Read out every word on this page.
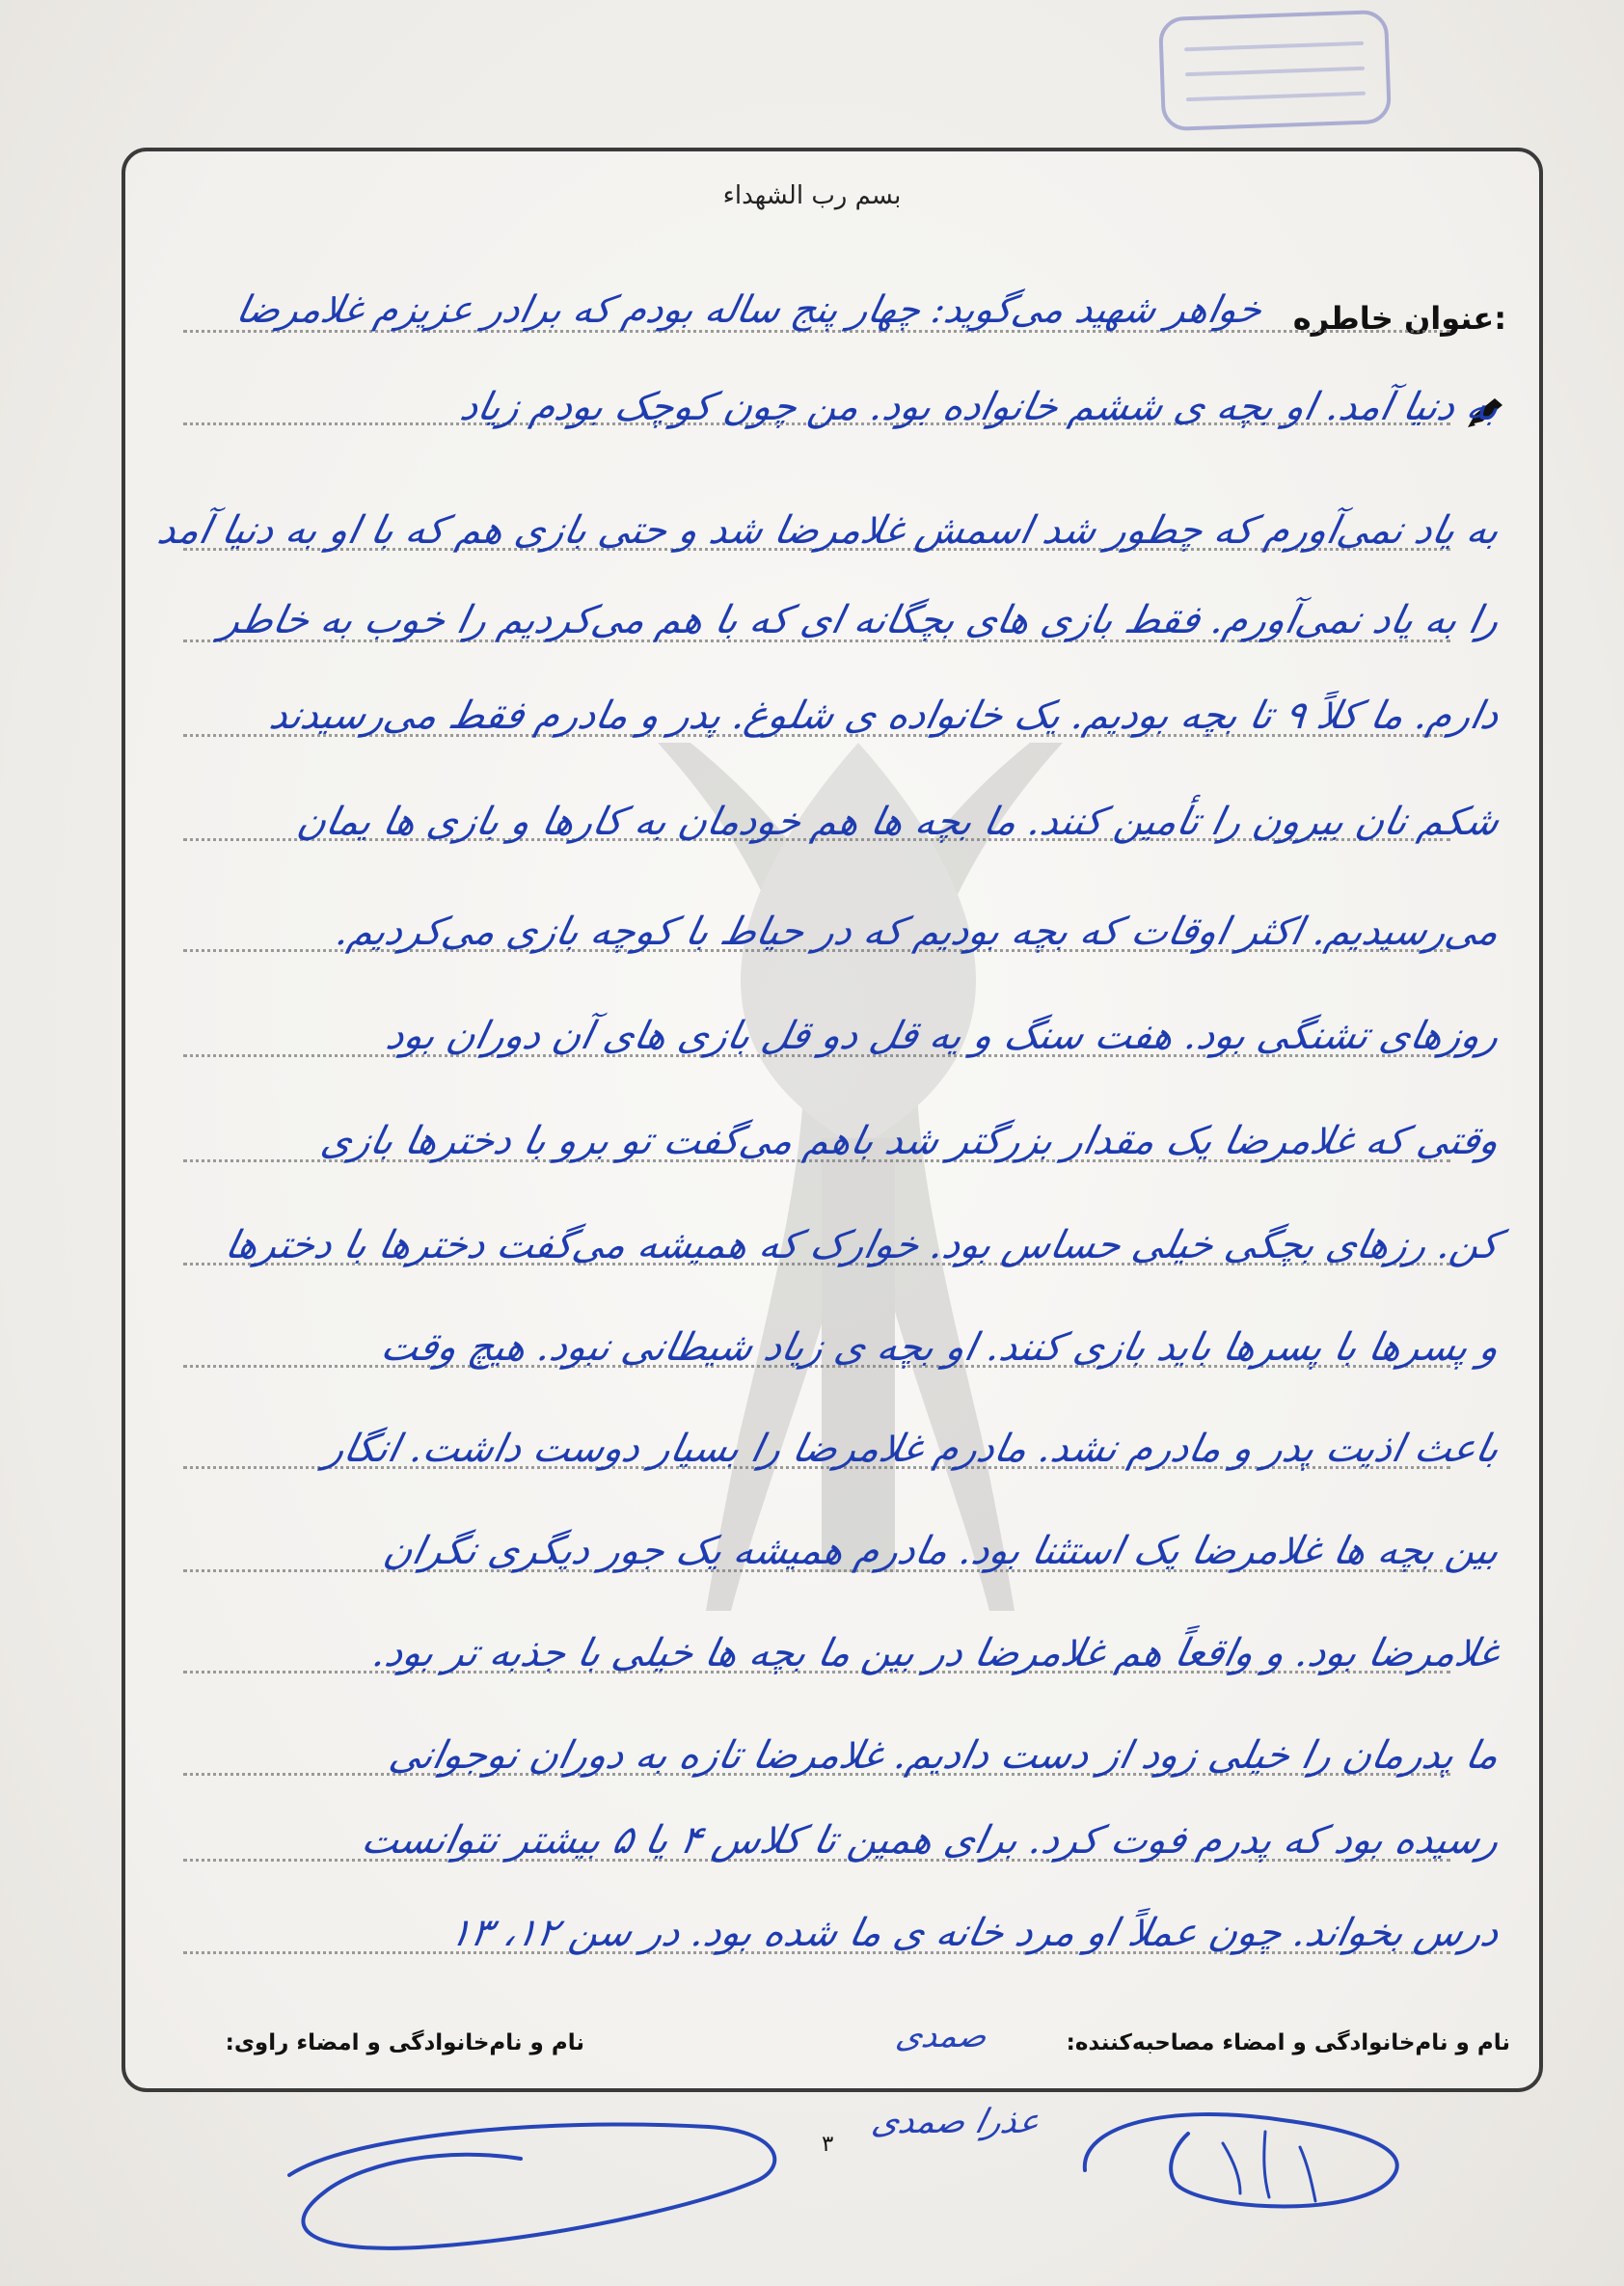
بسم رب الشهداء
عنوان خاطره:
خواهر شهید می‌گوید: چهار پنج ساله بودم که برادر عزیزم غلامرضا
به دنیا آمد. او بچه ی ششم خانواده بود. من چون کوچک بودم زیاد
به یاد نمی‌آورم که چطور شد اسمش غلامرضا شد و حتی بازی هم که با او به دنیا آمد
را به یاد نمی‌آورم. فقط بازی های بچگانه ای که با هم می‌کردیم را خوب به خاطر
دارم. ما کلاً ۹ تا بچه بودیم. یک خانواده ی شلوغ. پدر و مادرم فقط می‌رسیدند
شکم نان بیرون را تأمین کنند. ما بچه ها هم خودمان به کارها و بازی ها یمان
می‌رسیدیم. اکثر اوقات که بچه بودیم که در حیاط با کوچه بازی می‌کردیم.
روزهای تشنگی بود. هفت سنگ و یه قل دو قل بازی های آن دوران بود
وقتی که غلامرضا یک مقدار بزرگتر شد باهم می‌گفت تو برو با دخترها بازی
کن. رزهای بچگی خیلی حساس بود. خوارک که همیشه می‌گفت دخترها با دخترها
و پسرها با پسرها باید بازی کنند. او بچه ی زیاد شیطانی نبود. هیچ وقت
باعث اذیت پدر و مادرم نشد. مادرم غلامرضا را بسیار دوست داشت. انگار
بین بچه ها غلامرضا یک استثنا بود. مادرم همیشه یک جور دیگری نگران
غلامرضا بود. و واقعاً هم غلامرضا در بین ما بچه ها خیلی با جذبه تر بود.
ما پدرمان را خیلی زود از دست دادیم. غلامرضا تازه به دوران نوجوانی
رسیده بود که پدرم فوت کرد. برای همین تا کلاس ۴ یا ۵ بیشتر نتوانست
درس بخواند. چون عملاً او مرد خانه ی ما شده بود. در سن ۱۲، ۱۳
نام و نام‌خانوادگی و امضاء مصاحبه‌کننده:
صمدی
نام و نام‌خانوادگی و امضاء راوی:
عذرا صمدی
۳
